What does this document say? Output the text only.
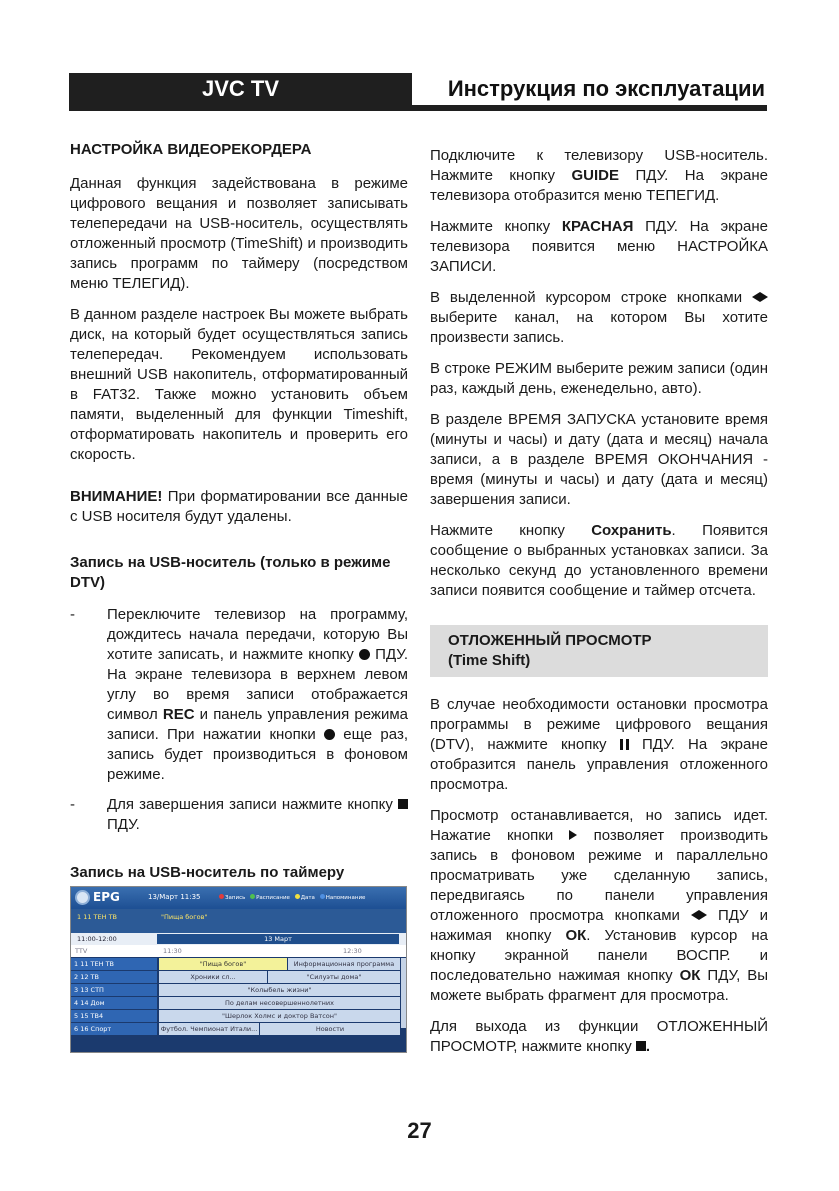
JVC TV	Инструкция по эксплуатации
НАСТРОЙКА ВИДЕОРЕКОРДЕРА

Данная функция задействована в режиме цифрового вещания и позволяет записывать телепередачи на USB-носитель, осуществлять отложенный просмотр (TimeShift) и производить запись программ по таймеру (посредством меню ТЕЛЕГИД).

В данном разделе настроек Вы можете выбрать диск, на который будет осуществляться запись телепередач. Рекомендуем использовать внешний USB накопитель, отформатированный в FAT32. Также можно установить объем памяти, выделенный для функции Timeshift, отформатировать накопитель и проверить его скорость.

ВНИМАНИЕ! При форматировании все данные с USB носителя будут удалены.

Запись на USB-носитель (только в режиме DTV)
- Переключите телевизор на программу, дождитесь начала передачи, которую Вы хотите записать, и нажмите кнопку  ПДУ. На экране телевизора в верхнем левом углу во время записи отображается символ REC и панель управления режима записи. При нажатии кнопки  еще раз, запись будет производиться в фоновом режиме.
- Для завершения записи нажмите кнопку  ПДУ.
Запись на USB-носитель по таймеру
EPG	13/Март 11:35	Запись Расписание Дата Напоминание
1 11 ТЕН ТВ	"Пища богов"
11:00-12:00	13 Март
TTV	11:30	12:30
1 11 ТЕН ТВ	"Пища богов"	Информационная программа
2 12 ТВ	Хроники сл...	"Силуэты дома"
3 13 СТП	"Колыбель жизни"
4 14 Дом	По делам несовершеннолетних
5 15 ТВ4	"Шерлок Холмс и доктор Ватсон"
6 16 Спорт	Футбол. Чемпионат Итали...	Новости

Подключите к телевизору USB-носитель. Нажмите кнопку GUIDE ПДУ. На экране телевизора отобразится меню ТЕПЕГИД.

Нажмите кнопку КРАСНАЯ ПДУ. На экране телевизора появится меню НАСТРОЙКА ЗАПИСИ.

В выделенной курсором строке кнопками  выберите канал, на котором Вы хотите произвести запись.

В строке РЕЖИМ выберите режим записи (один раз, каждый день, еженедельно, авто).

В разделе ВРЕМЯ ЗАПУСКА установите время (минуты и часы) и дату (дата и месяц) начала записи, а в разделе ВРЕМЯ ОКОНЧАНИЯ - время (минуты и часы) и дату (дата и месяц) завершения записи.

Нажмите кнопку Сохранить. Появится сообщение о выбранных установках записи. За несколько секунд до установленного времени записи появится сообщение и таймер отсчета.

ОТЛОЖЕННЫЙ ПРОСМОТР
(Time Shift)

В случае необходимости остановки просмотра программы в режиме цифрового вещания (DTV), нажмите кнопку  ПДУ. На экране отобразится панель управления отложенного просмотра.

Просмотр останавливается, но запись идет. Нажатие кнопки  позволяет производить запись в фоновом режиме и параллельно просматривать уже сделанную запись, передвигаясь по панели управления отложенного просмотра кнопками  ПДУ и нажимая кнопку ОК. Установив курсор на кнопку экранной панели ВОСПР. и последовательно нажимая кнопку ОК ПДУ, Вы можете выбрать фрагмент для просмотра.

Для выхода из функции ОТЛОЖЕННЫЙ ПРОСМОТР, нажмите кнопку .

27
